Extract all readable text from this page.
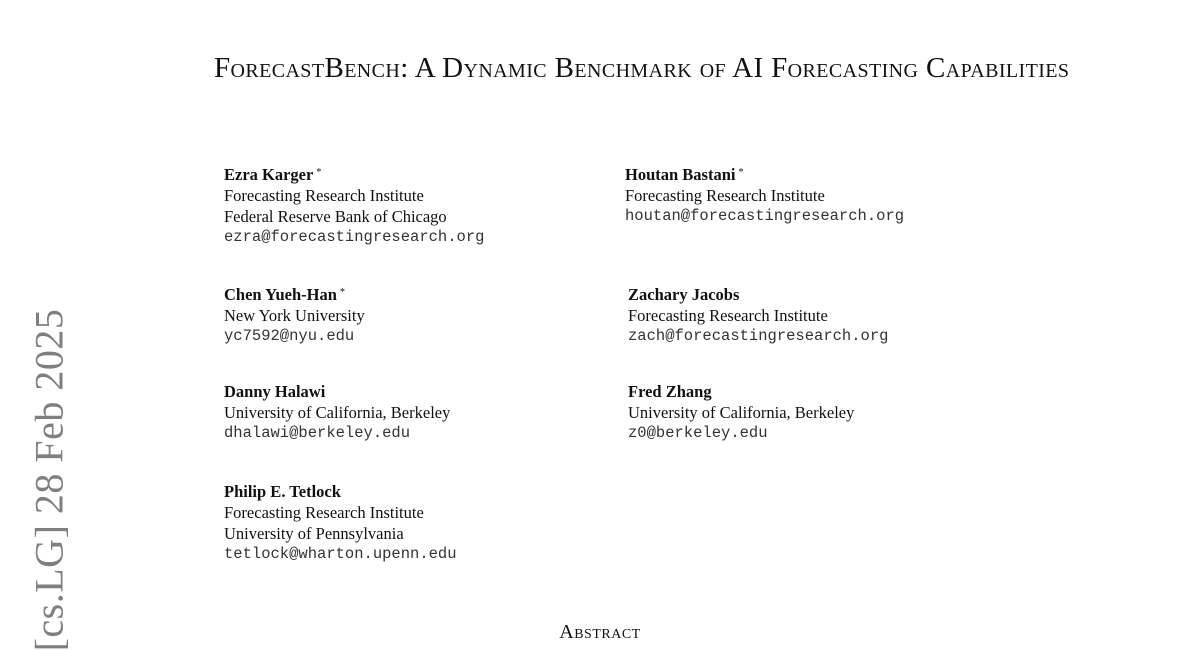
[cs.LG] 28 Feb 2025
ForecastBench: A Dynamic Benchmark of AI Forecasting Capabilities
Ezra Karger *
Forecasting Research Institute
Federal Reserve Bank of Chicago
ezra@forecastingresearch.org
Houtan Bastani *
Forecasting Research Institute
houtan@forecastingresearch.org
Chen Yueh-Han *
New York University
yc7592@nyu.edu
Zachary Jacobs
Forecasting Research Institute
zach@forecastingresearch.org
Danny Halawi
University of California, Berkeley
dhalawi@berkeley.edu
Fred Zhang
University of California, Berkeley
z0@berkeley.edu
Philip E. Tetlock
Forecasting Research Institute
University of Pennsylvania
tetlock@wharton.upenn.edu
Abstract
